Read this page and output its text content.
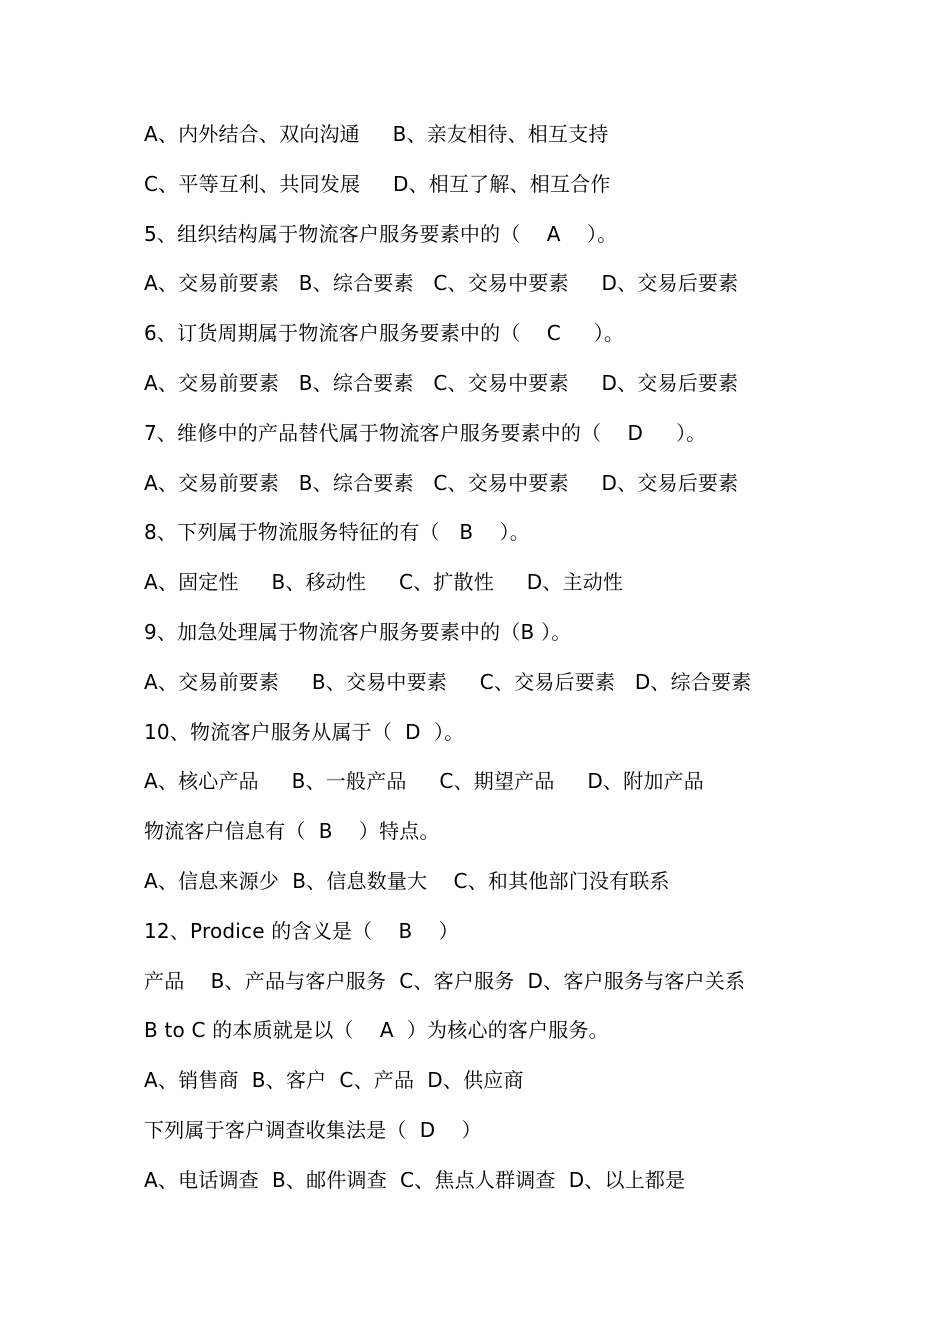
A、内外结合、双向沟通     B、亲友相待、相互支持
C、平等互利、共同发展     D、相互了解、相互合作
5、组织结构属于物流客户服务要素中的（    A    ）。
A、交易前要素   B、综合要素   C、交易中要素     D、交易后要素
6、订货周期属于物流客户服务要素中的（    C     ）。
A、交易前要素   B、综合要素   C、交易中要素     D、交易后要素
7、维修中的产品替代属于物流客户服务要素中的（    D     ）。
A、交易前要素   B、综合要素   C、交易中要素     D、交易后要素
8、下列属于物流服务特征的有（   B    ）。
A、固定性     B、移动性     C、扩散性     D、主动性
9、加急处理属于物流客户服务要素中的（B ）。
A、交易前要素     B、交易中要素     C、交易后要素   D、综合要素
10、物流客户服务从属于（  D  ）。
A、核心产品     B、一般产品     C、期望产品     D、附加产品
物流客户信息有（  B    ）特点。
A、信息来源少  B、信息数量大    C、和其他部门没有联系
12、Prodice 的含义是（    B    ）
产品    B、产品与客户服务  C、客户服务  D、客户服务与客户关系
B to C 的本质就是以（    A  ）为核心的客户服务。
A、销售商  B、客户  C、产品  D、供应商
下列属于客户调查收集法是（  D    ）
A、电话调查  B、邮件调查  C、焦点人群调查  D、以上都是
